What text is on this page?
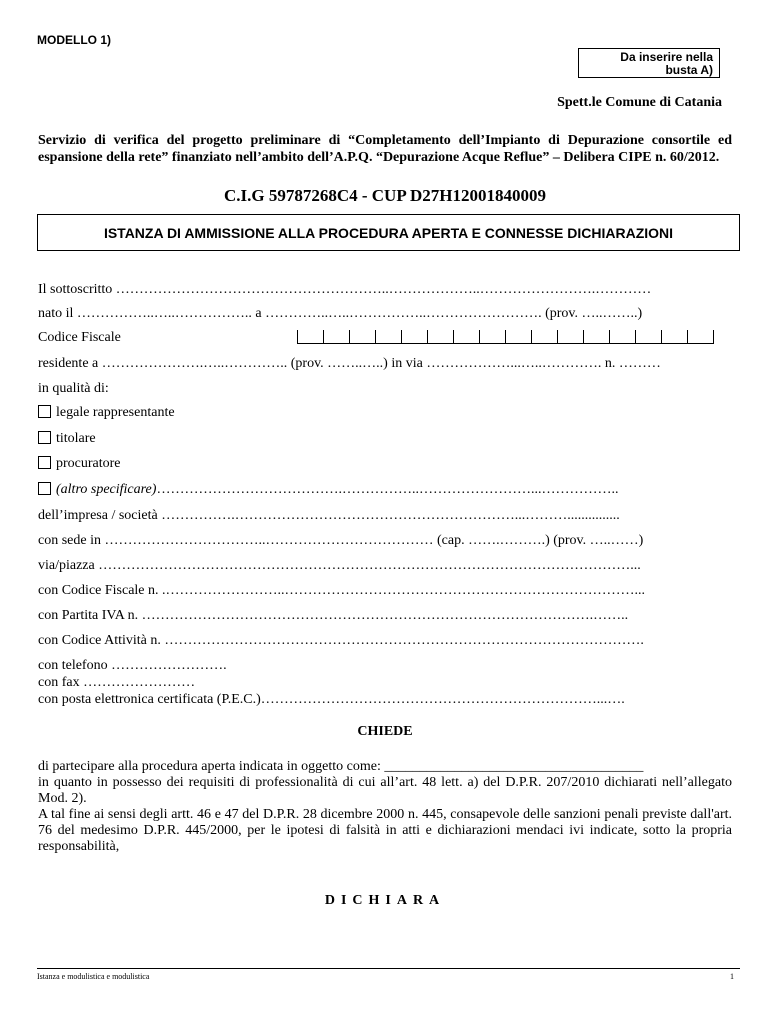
MODELLO 1)
Da inserire nella
busta A)
Spett.le Comune di Catania
Servizio di verifica del progetto preliminare di “Completamento dell’Impianto di Depurazione consortile ed espansione della rete” finanziato nell’ambito dell’A.P.Q. “Depurazione Acque Reflue” – Delibera CIPE n. 60/2012.
C.I.G 59787268C4 - CUP D27H12001840009
ISTANZA DI AMMISSIONE ALLA PROCEDURA APERTA E CONNESSE DICHIARAZIONI
Il sottoscritto …………………………………………………..………………..…………………….…………
nato il ……………..…..…………….. a …………..…..……………..……………………. (prov. …..……..)
Codice Fiscale
residente a ………………….…..………….. (prov. ……..…..) in via ………………...…..…………. n. ………
in qualità di:
legale rappresentante
titolare
procuratore
(altro specificare)………………………………….……………..……………………...……………..
dell’impresa / società …………….……………………………………………………...………...............
con sede in ……………………………..……………………………… (cap. …….……….) (prov. …..……)
via/piazza ……………………………………………………………………………………………………...
con Codice Fiscale n. .……………………..…………………………………………………………………...
con Partita IVA n. …………………………………………………………………………………….……..
con Codice Attività n. ………………………………………………………………………………………….
con telefono …………………….
con fax ……………………
con posta elettronica certificata (P.E.C.)………………………………………………………………...….
CHIEDE
di partecipare alla procedura aperta indicata in oggetto come: _____________________________________
in quanto in possesso dei requisiti di professionalità di cui all’art. 48 lett. a) del D.P.R. 207/2010 dichiarati nell’allegato Mod. 2).
A tal fine ai sensi degli artt. 46 e 47 del D.P.R. 28 dicembre 2000 n. 445, consapevole delle sanzioni penali previste dall'art. 76 del medesimo D.P.R. 445/2000, per le ipotesi di falsità in atti e dichiarazioni mendaci ivi indicate, sotto la propria responsabilità,
DICHIARA
Istanza e modulistica e modulistica	1
